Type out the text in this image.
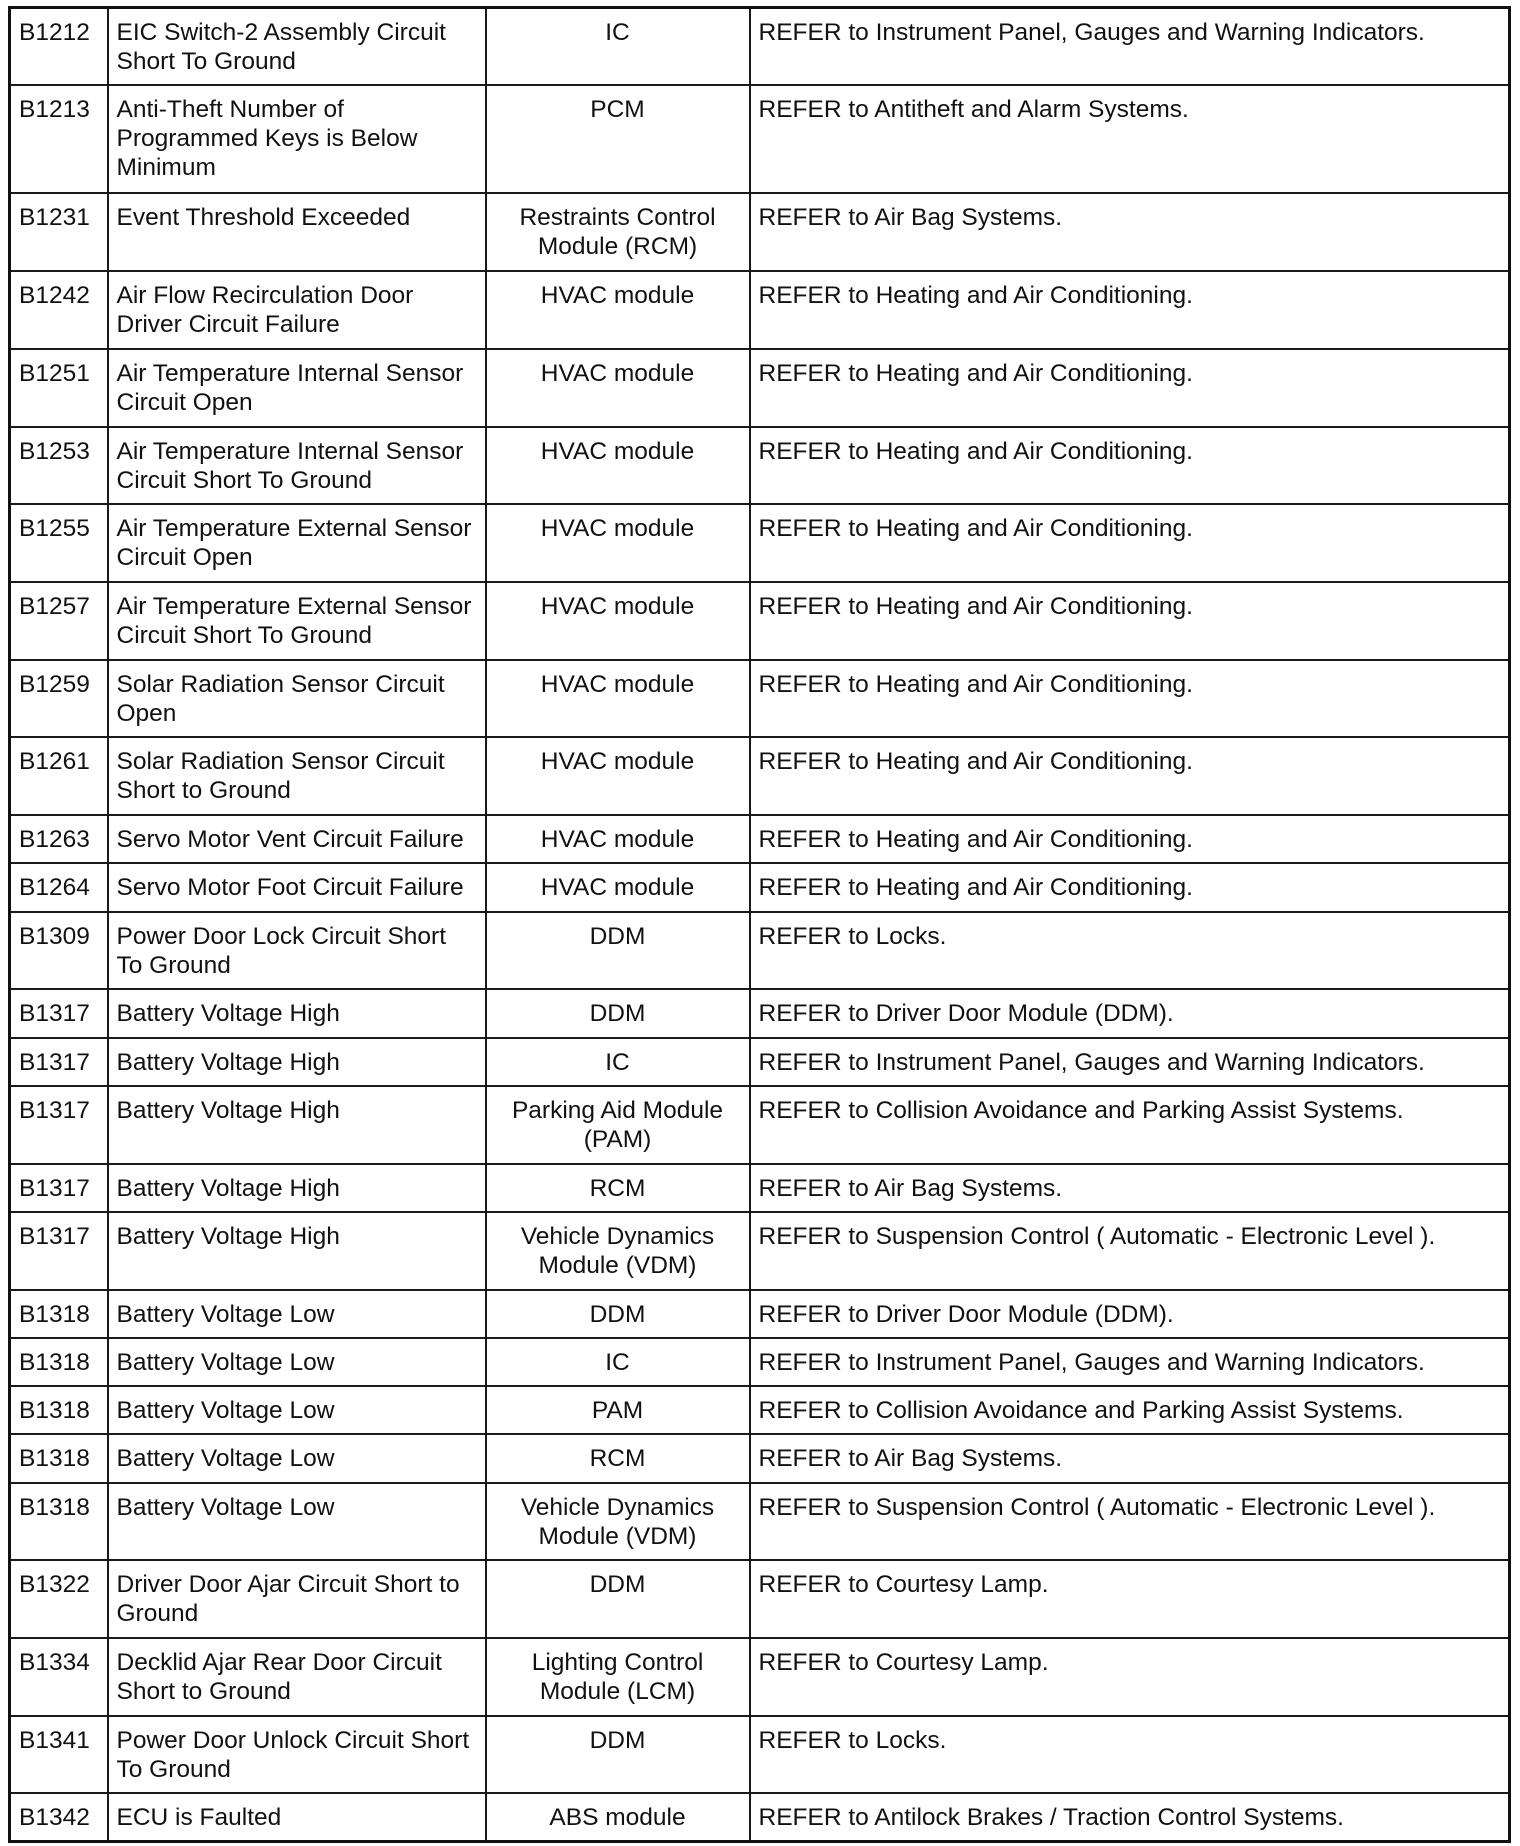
B1212	EIC Switch-2 Assembly Circuit Short To Ground	IC	REFER to Instrument Panel, Gauges and Warning Indicators.
B1213	Anti-Theft Number of Programmed Keys is Below Minimum	PCM	REFER to Antitheft and Alarm Systems.
B1231	Event Threshold Exceeded	Restraints Control Module (RCM)	REFER to Air Bag Systems.
B1242	Air Flow Recirculation Door Driver Circuit Failure	HVAC module	REFER to Heating and Air Conditioning.
B1251	Air Temperature Internal Sensor Circuit Open	HVAC module	REFER to Heating and Air Conditioning.
B1253	Air Temperature Internal Sensor Circuit Short To Ground	HVAC module	REFER to Heating and Air Conditioning.
B1255	Air Temperature External Sensor Circuit Open	HVAC module	REFER to Heating and Air Conditioning.
B1257	Air Temperature External Sensor Circuit Short To Ground	HVAC module	REFER to Heating and Air Conditioning.
B1259	Solar Radiation Sensor Circuit Open	HVAC module	REFER to Heating and Air Conditioning.
B1261	Solar Radiation Sensor Circuit Short to Ground	HVAC module	REFER to Heating and Air Conditioning.
B1263	Servo Motor Vent Circuit Failure	HVAC module	REFER to Heating and Air Conditioning.
B1264	Servo Motor Foot Circuit Failure	HVAC module	REFER to Heating and Air Conditioning.
B1309	Power Door Lock Circuit Short To Ground	DDM	REFER to Locks.
B1317	Battery Voltage High	DDM	REFER to Driver Door Module (DDM).
B1317	Battery Voltage High	IC	REFER to Instrument Panel, Gauges and Warning Indicators.
B1317	Battery Voltage High	Parking Aid Module (PAM)	REFER to Collision Avoidance and Parking Assist Systems.
B1317	Battery Voltage High	RCM	REFER to Air Bag Systems.
B1317	Battery Voltage High	Vehicle Dynamics Module (VDM)	REFER to Suspension Control ( Automatic - Electronic Level ).
B1318	Battery Voltage Low	DDM	REFER to Driver Door Module (DDM).
B1318	Battery Voltage Low	IC	REFER to Instrument Panel, Gauges and Warning Indicators.
B1318	Battery Voltage Low	PAM	REFER to Collision Avoidance and Parking Assist Systems.
B1318	Battery Voltage Low	RCM	REFER to Air Bag Systems.
B1318	Battery Voltage Low	Vehicle Dynamics Module (VDM)	REFER to Suspension Control ( Automatic - Electronic Level ).
B1322	Driver Door Ajar Circuit Short to Ground	DDM	REFER to Courtesy Lamp.
B1334	Decklid Ajar Rear Door Circuit Short to Ground	Lighting Control Module (LCM)	REFER to Courtesy Lamp.
B1341	Power Door Unlock Circuit Short To Ground	DDM	REFER to Locks.
B1342	ECU is Faulted	ABS module	REFER to Antilock Brakes / Traction Control Systems.
